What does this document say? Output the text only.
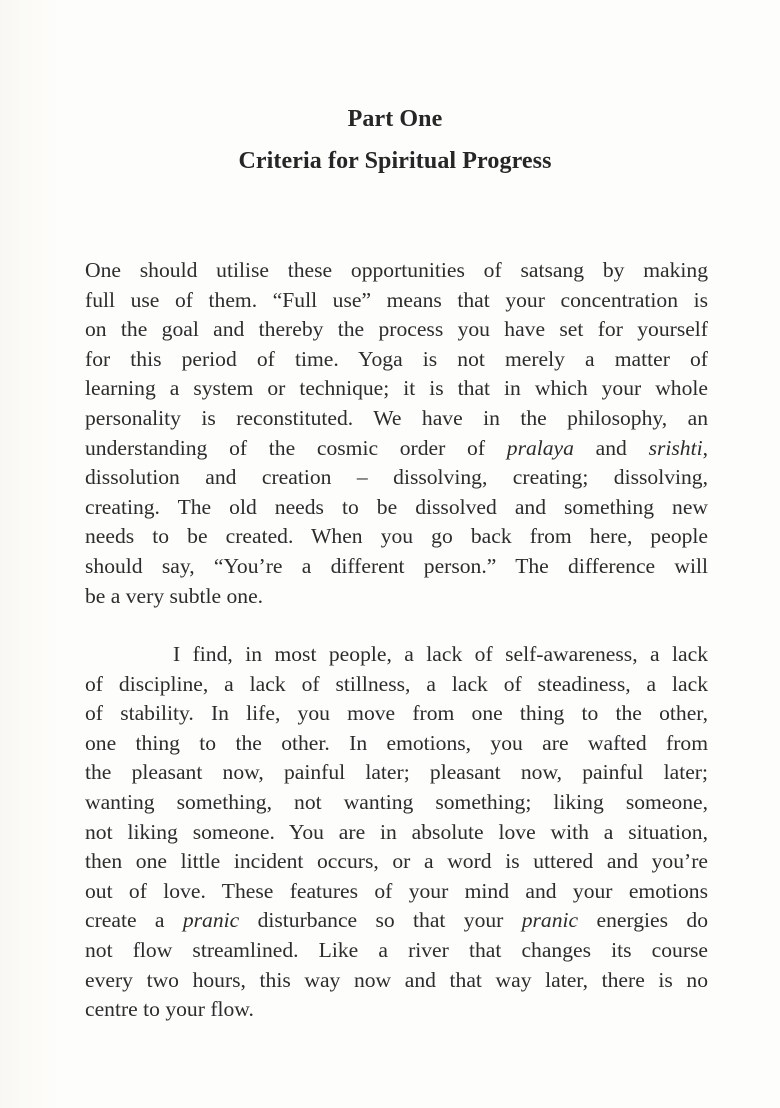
Part One
Criteria for Spiritual Progress
One should utilise these opportunities of satsang by making
full use of them. “Full use” means that your concentration is
on the goal and thereby the process you have set for yourself
for this period of time. Yoga is not merely a matter of
learning a system or technique; it is that in which your whole
personality is reconstituted. We have in the philosophy, an
understanding of the cosmic order of pralaya and srishti,
dissolution and creation – dissolving, creating; dissolving,
creating. The old needs to be dissolved and something new
needs to be created. When you go back from here, people
should say, “You’re a different person.” The difference will
be a very subtle one.
I find, in most people, a lack of self-awareness, a lack
of discipline, a lack of stillness, a lack of steadiness, a lack
of stability. In life, you move from one thing to the other,
one thing to the other. In emotions, you are wafted from
the pleasant now, painful later; pleasant now, painful later;
wanting something, not wanting something; liking someone,
not liking someone. You are in absolute love with a situation,
then one little incident occurs, or a word is uttered and you’re
out of love. These features of your mind and your emotions
create a pranic disturbance so that your pranic energies do
not flow streamlined. Like a river that changes its course
every two hours, this way now and that way later, there is no
centre to your flow.
